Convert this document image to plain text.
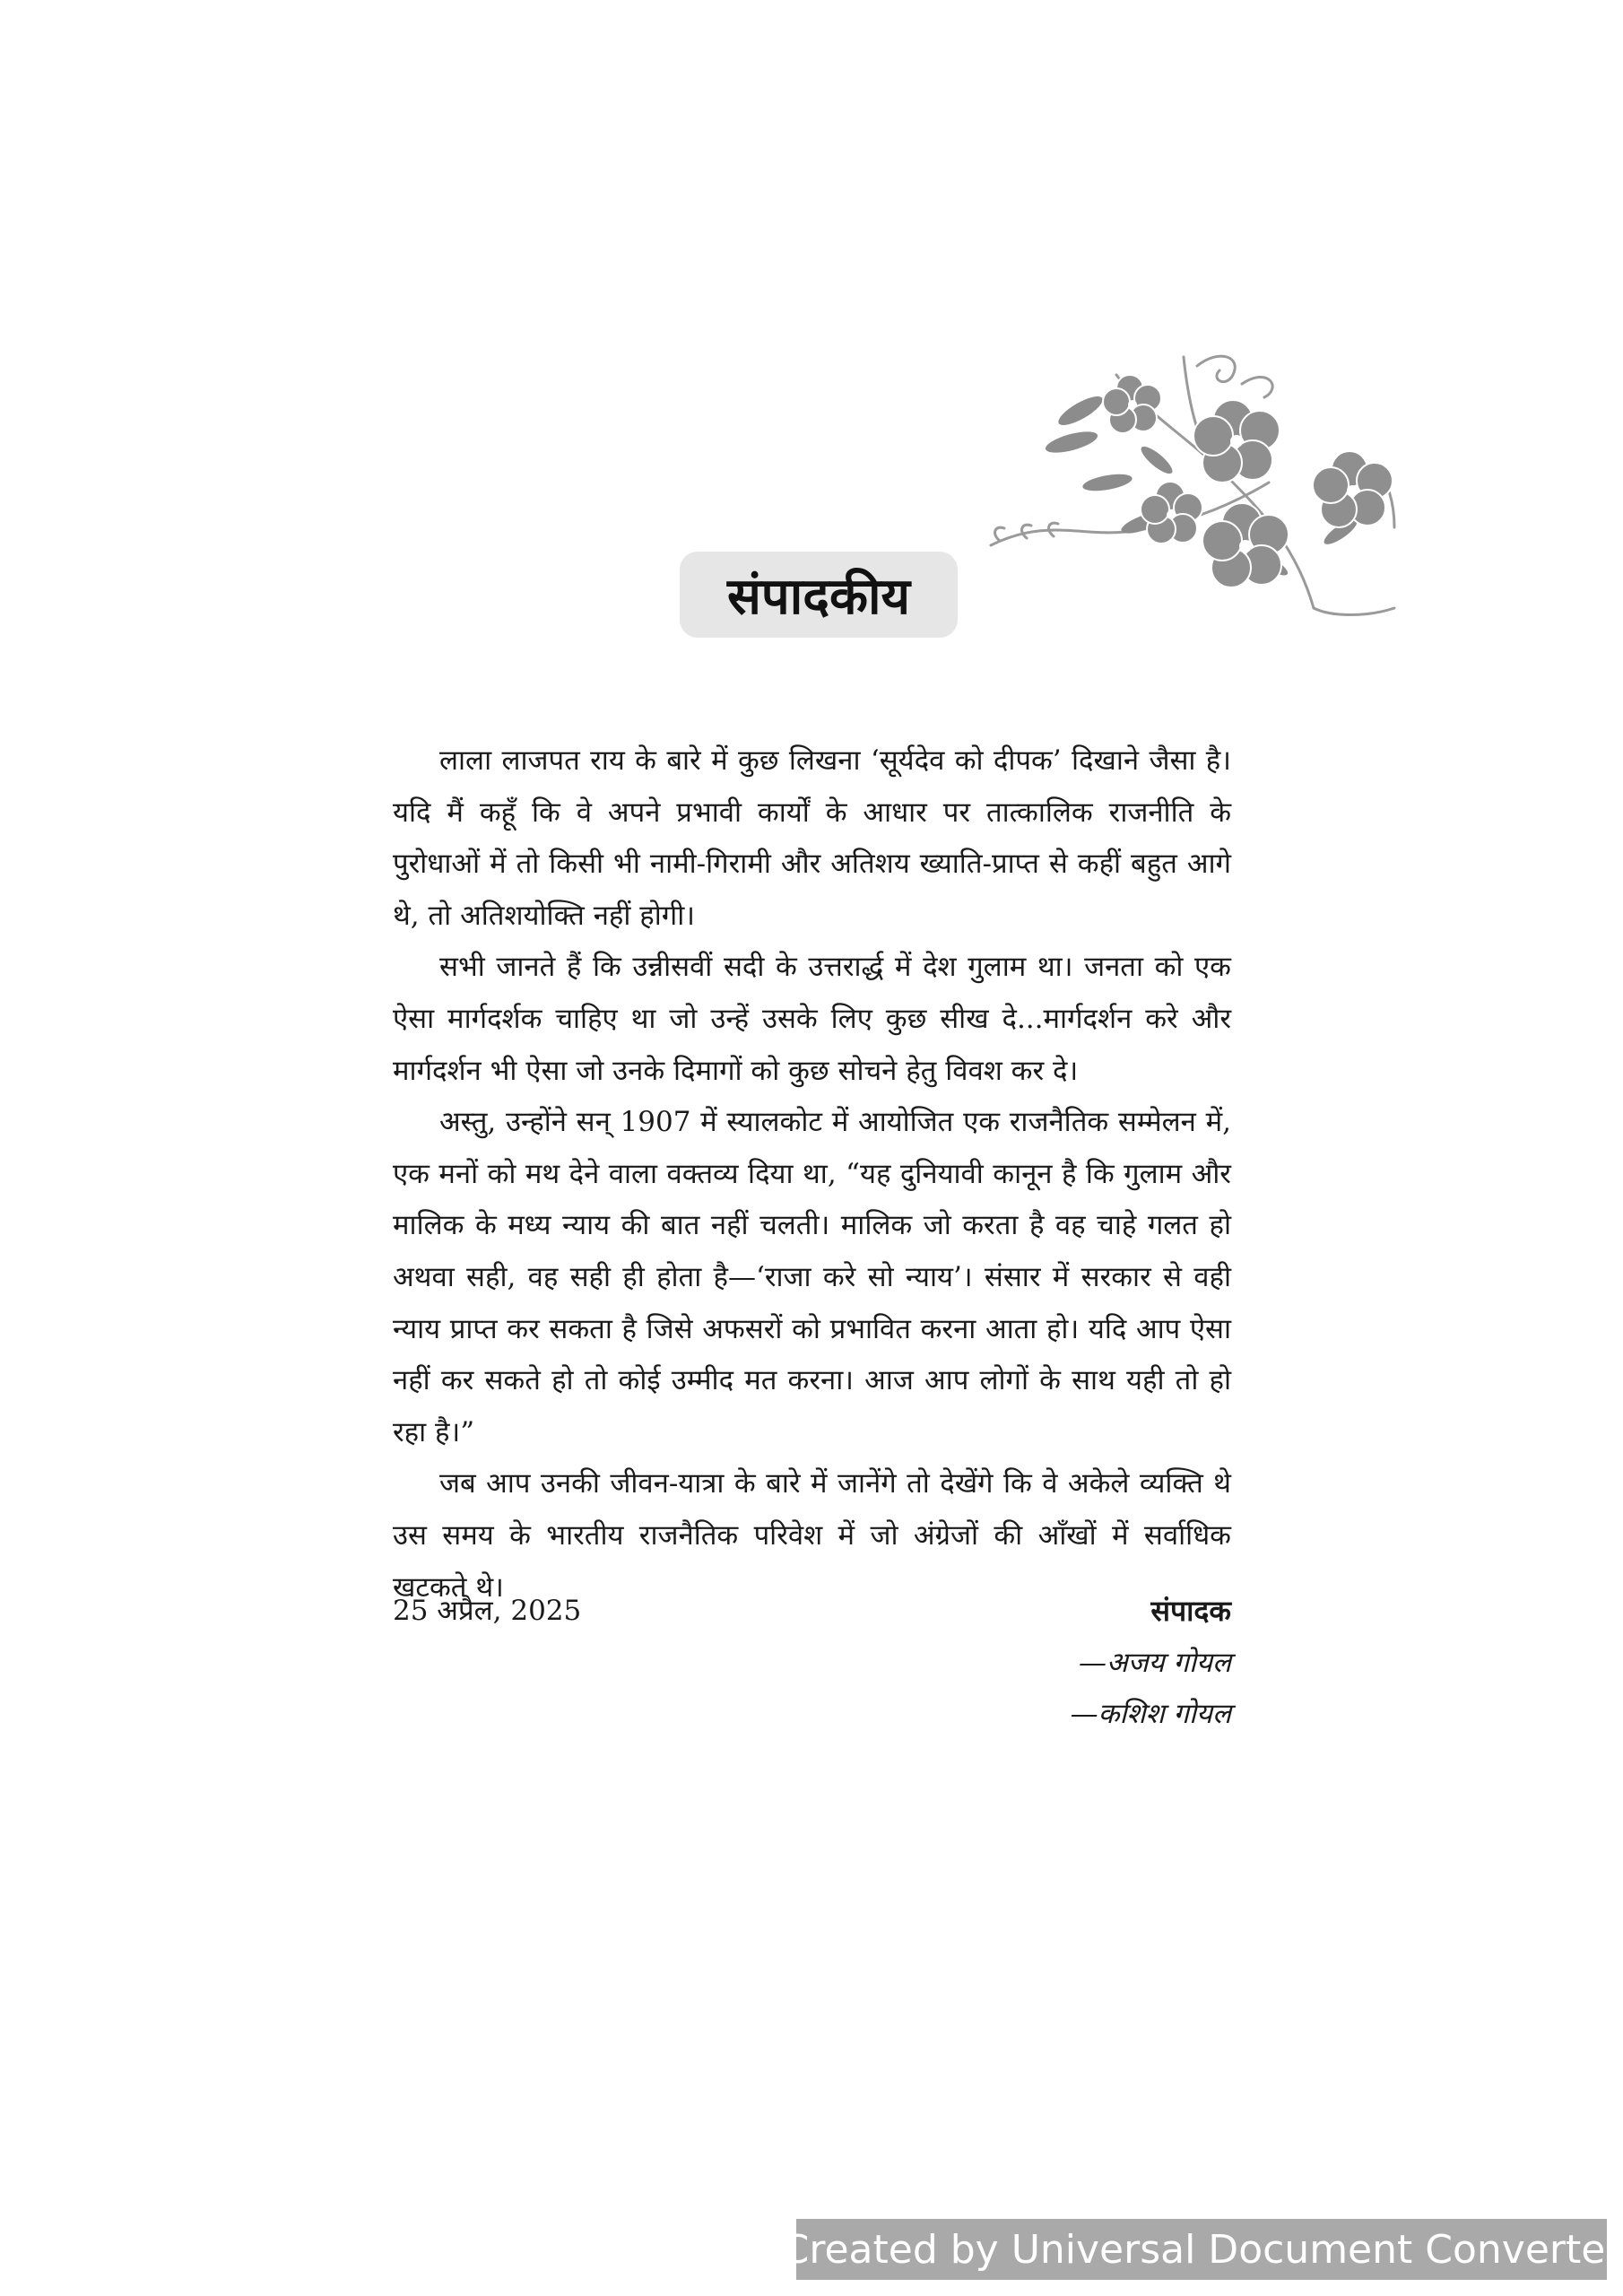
संपादकीय

लाला लाजपत राय के बारे में कुछ लिखना ‘सूर्यदेव को दीपक’ दिखाने जैसा है। यदि मैं कहूँ कि वे अपने प्रभावी कार्यों के आधार पर तात्कालिक राजनीति के पुरोधाओं में तो किसी भी नामी-गिरामी और अतिशय ख्याति-प्राप्त से कहीं बहुत आगे थे, तो अतिशयोक्ति नहीं होगी।

सभी जानते हैं कि उन्नीसवीं सदी के उत्तरार्द्ध में देश गुलाम था। जनता को एक ऐसा मार्गदर्शक चाहिए था जो उन्हें उसके लिए कुछ सीख दे...मार्गदर्शन करे और मार्गदर्शन भी ऐसा जो उनके दिमागों को कुछ सोचने हेतु विवश कर दे।

अस्तु, उन्होंने सन् 1907 में स्यालकोट में आयोजित एक राजनैतिक सम्मेलन में, एक मनों को मथ देने वाला वक्तव्य दिया था, “यह दुनियावी कानून है कि गुलाम और मालिक के मध्य न्याय की बात नहीं चलती। मालिक जो करता है वह चाहे गलत हो अथवा सही, वह सही ही होता है—‘राजा करे सो न्याय’। संसार में सरकार से वही न्याय प्राप्त कर सकता है जिसे अफसरों को प्रभावित करना आता हो। यदि आप ऐसा नहीं कर सकते हो तो कोई उम्मीद मत करना। आज आप लोगों के साथ यही तो हो रहा है।”

जब आप उनकी जीवन-यात्रा के बारे में जानेंगे तो देखेंगे कि वे अकेले व्यक्ति थे उस समय के भारतीय राजनैतिक परिवेश में जो अंग्रेजों की आँखों में सर्वाधिक खटकते थे।

25 अप्रैल, 2025	संपादक
—अजय गोयल
—कशिश गोयल
Created by Universal Document Converter
